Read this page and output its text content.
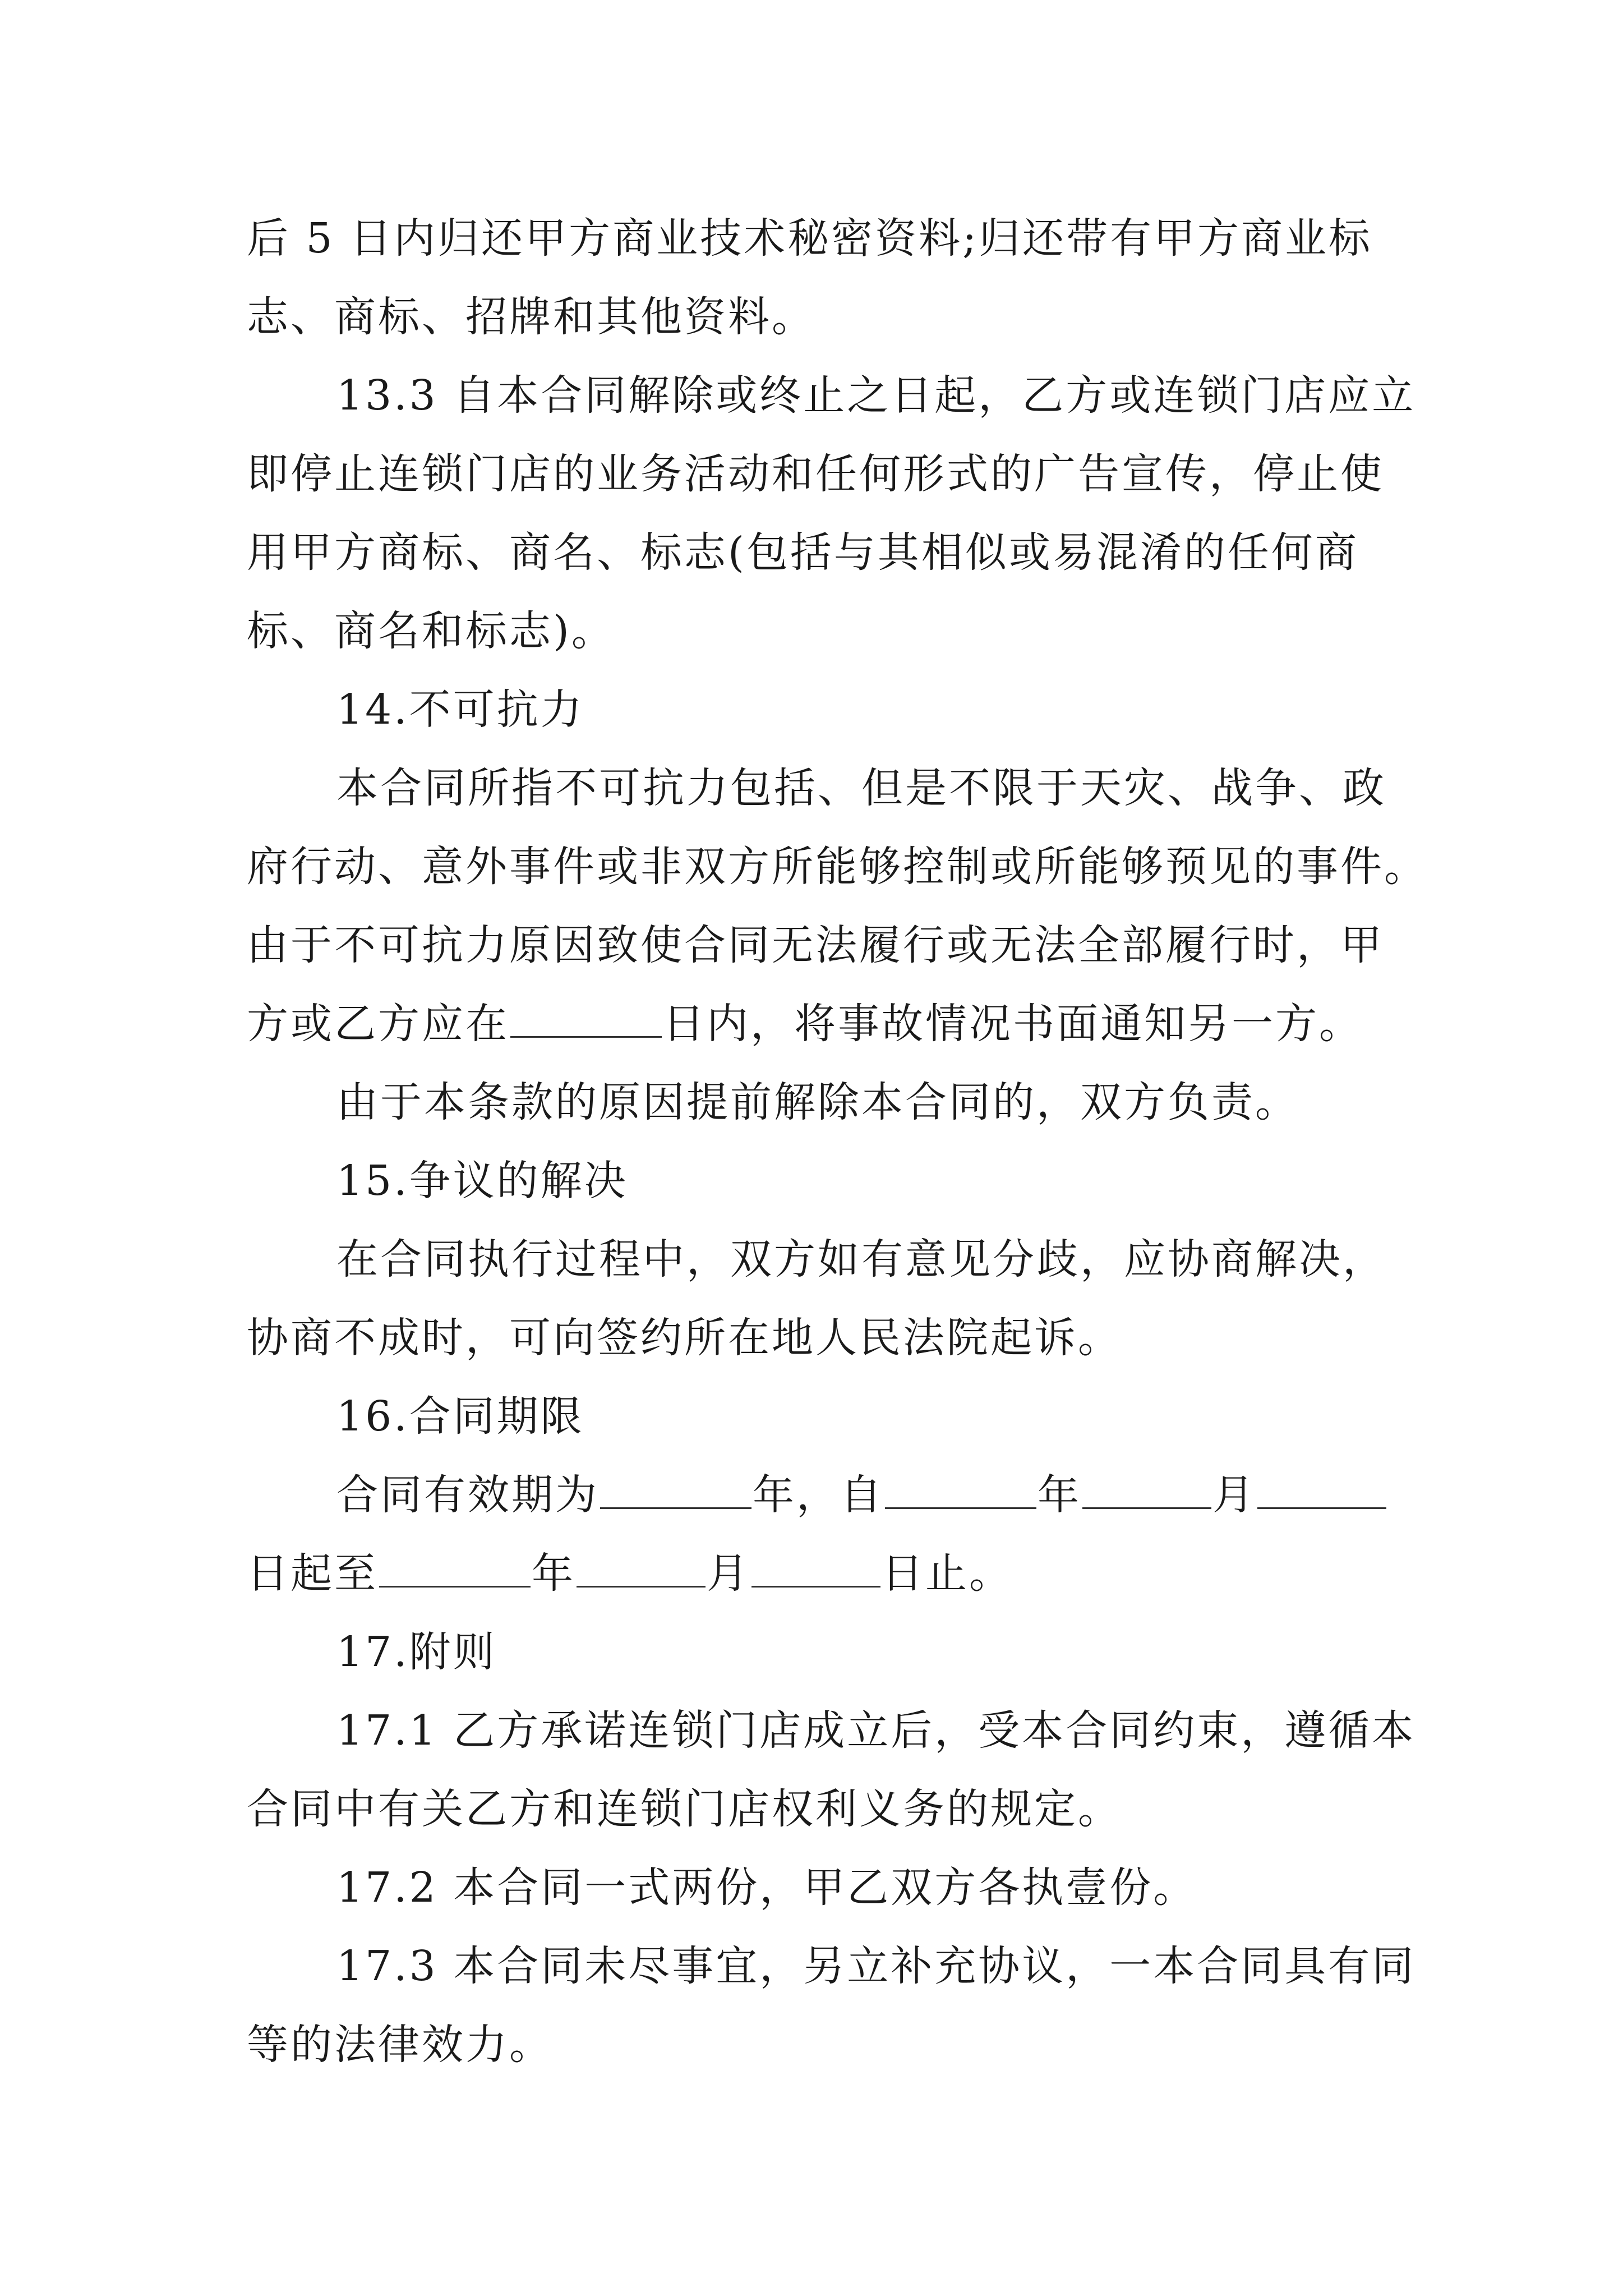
后 5 日内归还甲方商业技术秘密资料;归还带有甲方商业标
志、商标、招牌和其他资料。
13.3 自本合同解除或终止之日起，乙方或连锁门店应立
即停止连锁门店的业务活动和任何形式的广告宣传，停止使
用甲方商标、商名、标志(包括与其相似或易混淆的任何商
标、商名和标志)。
14.不可抗力
本合同所指不可抗力包括、但是不限于天灾、战争、政
府行动、意外事件或非双方所能够控制或所能够预见的事件。
由于不可抗力原因致使合同无法履行或无法全部履行时，甲
方或乙方应在	日内，将事故情况书面通知另一方。
由于本条款的原因提前解除本合同的，双方负责。
15.争议的解决
在合同执行过程中，双方如有意见分歧，应协商解决，
协商不成时，可向签约所在地人民法院起诉。
16.合同期限
合同有效期为	年，自	年	月
日起至	年	月	日止。
17.附则
17.1 乙方承诺连锁门店成立后，受本合同约束，遵循本
合同中有关乙方和连锁门店权利义务的规定。
17.2 本合同一式两份，甲乙双方各执壹份。
17.3 本合同未尽事宜，另立补充协议，一本合同具有同
等的法律效力。
